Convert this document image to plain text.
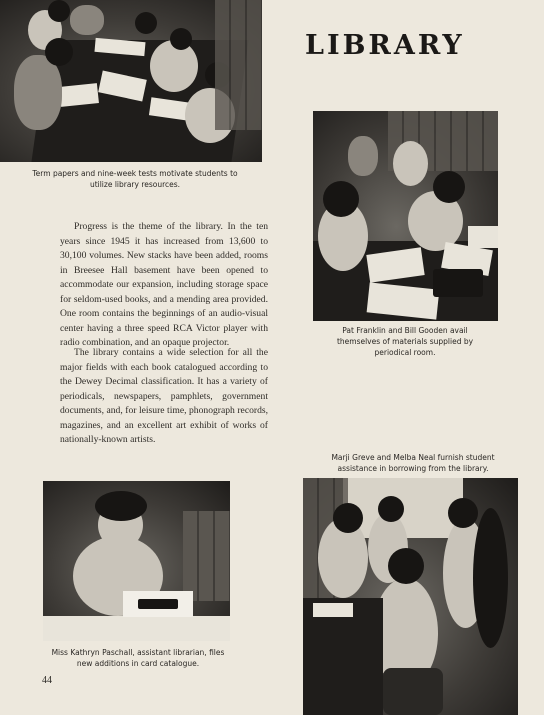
Term papers and nine-week tests motivate students to utilize library resources.
LIBRARY
Pat Franklin and Bill Gooden avail themselves of materials supplied by periodical room.

Progress is the theme of the library. In the ten years since 1945 it has increased from 13,600 to 30,100 volumes. New stacks have been added, rooms in Breesee Hall basement have been opened to accommodate our expansion, including storage space for seldom-used books, and a mending area provided. One room contains the beginnings of an audio-visual center having a three speed RCA Victor player with radio combination, and an opaque projector.

The library contains a wide selection for all the major fields with each book catalogued according to the Dewey Decimal classification. It has a variety of periodicals, newspapers, pamphlets, government documents, and, for leisure time, phonograph records, magazines, and an excellent art exhibit of works of nationally-known artists.

Marji Greve and Melba Neal furnish student assistance in borrowing from the library.
Miss Kathryn Paschall, assistant librarian, files new additions in card catalogue.
44
